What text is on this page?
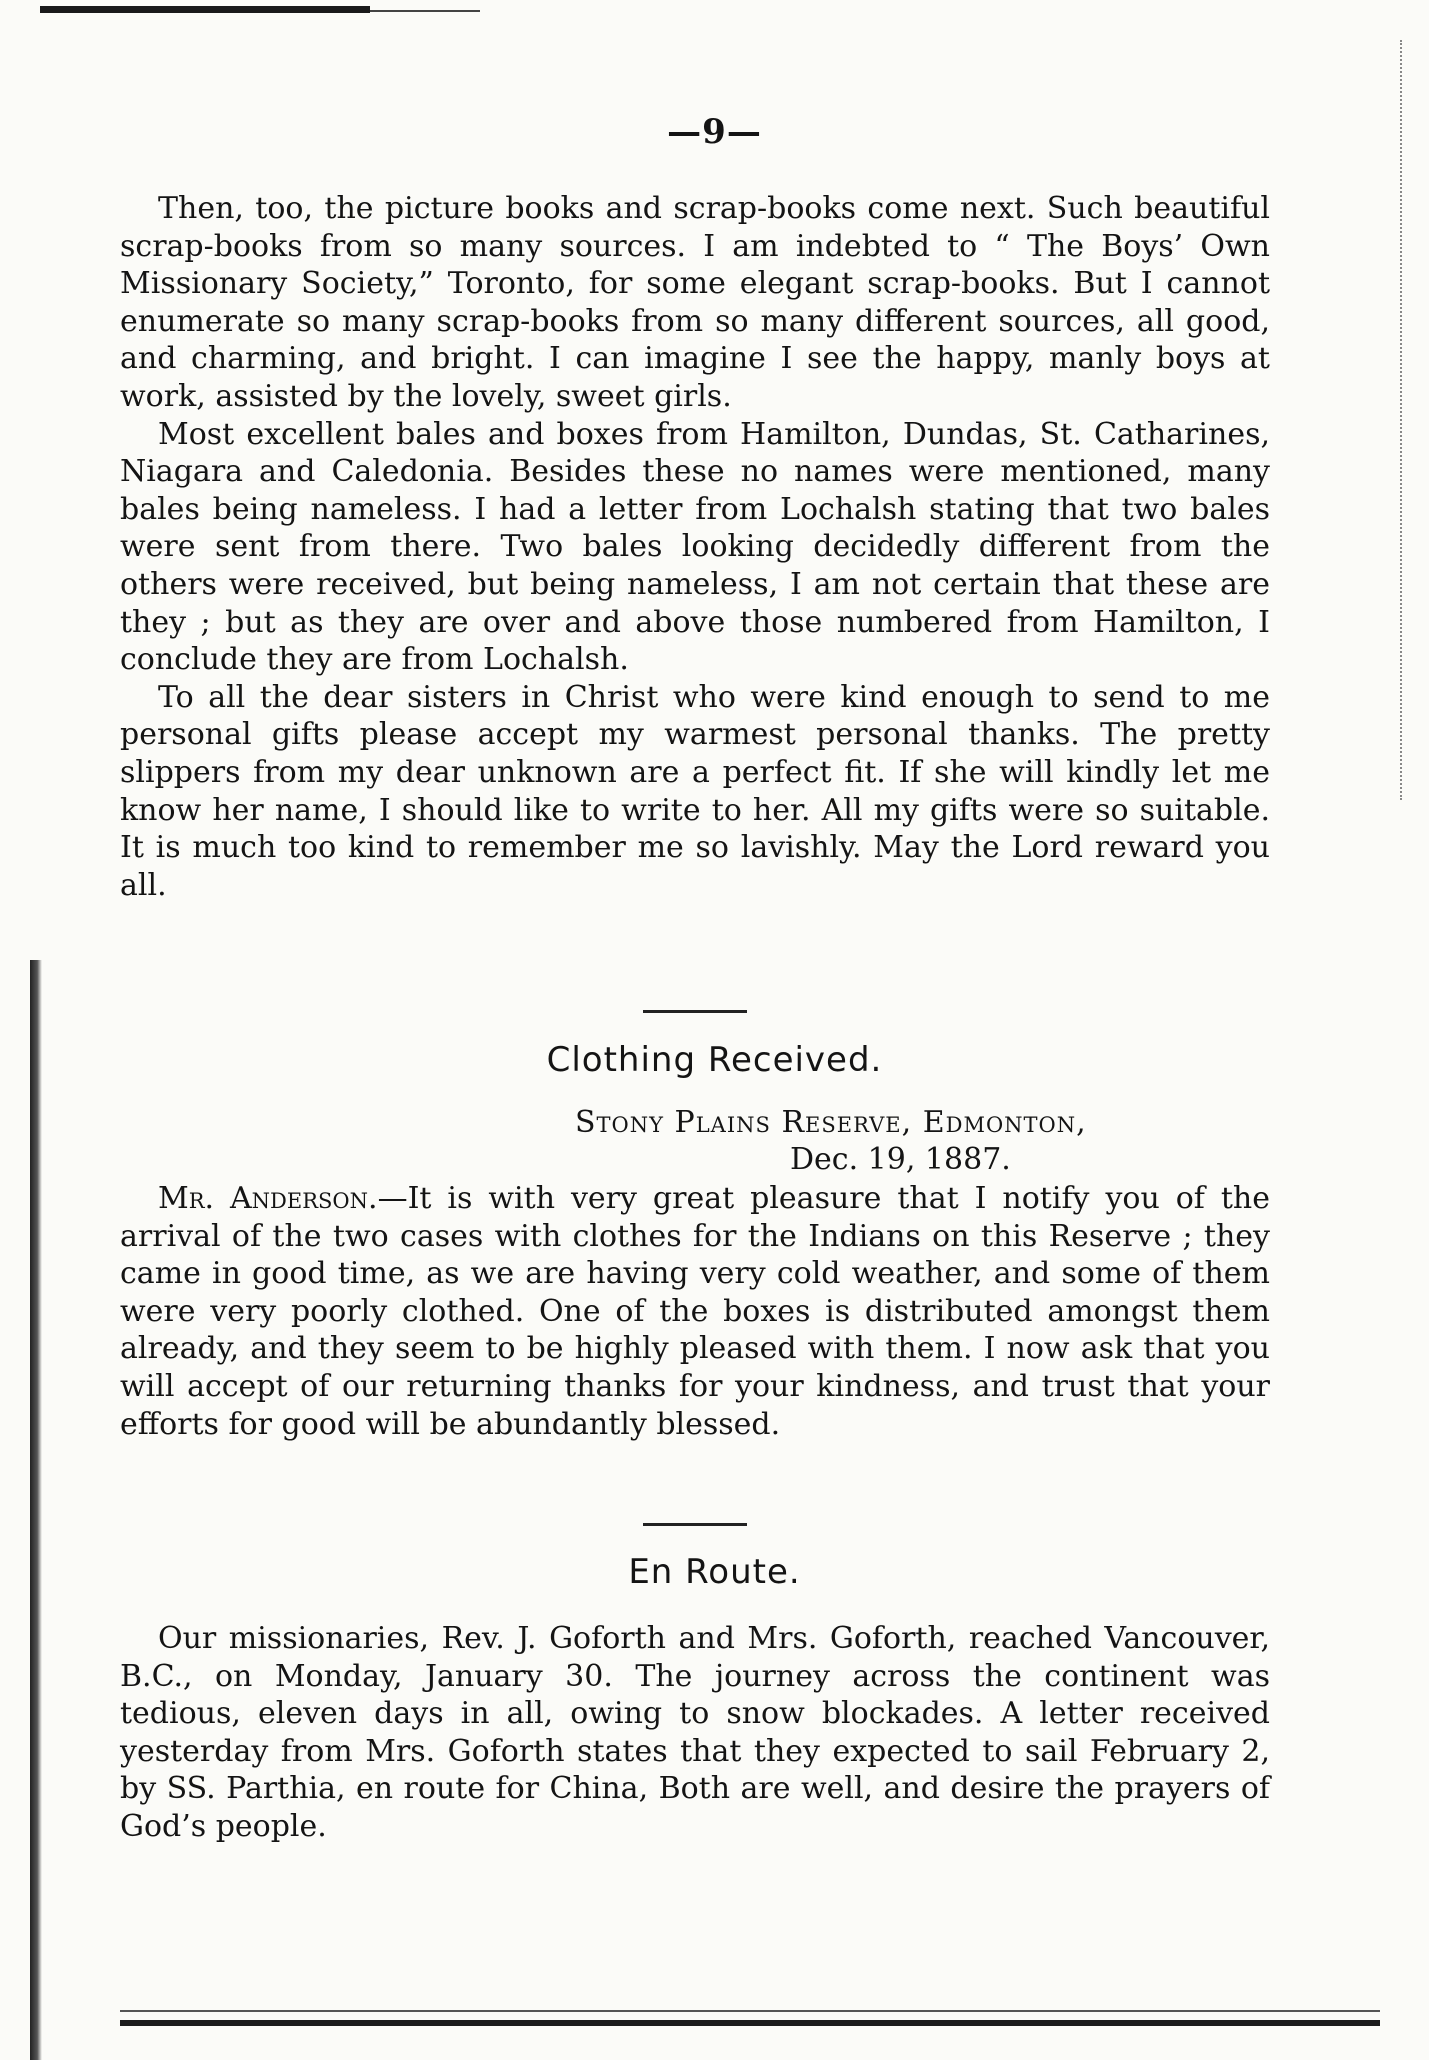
—9—

Then, too, the picture books and scrap-books come next. Such beautiful scrap-books from so many sources. I am indebted to “ The Boys’ Own Missionary Society,” Toronto, for some elegant scrap-books. But I cannot enumerate so many scrap-books from so many different sources, all good, and charming, and bright. I can imagine I see the happy, manly boys at work, assisted by the lovely, sweet girls.

Most excellent bales and boxes from Hamilton, Dundas, St. Catharines, Niagara and Caledonia. Besides these no names were mentioned, many bales being nameless. I had a letter from Lochalsh stating that two bales were sent from there. Two bales looking decidedly different from the others were received, but being nameless, I am not certain that these are they ; but as they are over and above those numbered from Hamilton, I conclude they are from Lochalsh.

To all the dear sisters in Christ who were kind enough to send to me personal gifts please accept my warmest personal thanks. The pretty slippers from my dear unknown are a perfect fit. If she will kindly let me know her name, I should like to write to her. All my gifts were so suitable. It is much too kind to remember me so lavishly. May the Lord reward you all.

Clothing Received.
Stony Plains Reserve, Edmonton,
Dec. 19, 1887.

Mr. Anderson.—It is with very great pleasure that I notify you of the arrival of the two cases with clothes for the Indians on this Reserve ; they came in good time, as we are having very cold weather, and some of them were very poorly clothed. One of the boxes is distributed amongst them already, and they seem to be highly pleased with them. I now ask that you will accept of our returning thanks for your kindness, and trust that your efforts for good will be abundantly blessed.

En Route.

Our missionaries, Rev. J. Goforth and Mrs. Goforth, reached Vancouver, B.C., on Monday, January 30. The journey across the continent was tedious, eleven days in all, owing to snow blockades. A letter received yesterday from Mrs. Goforth states that they expected to sail February 2, by SS. Parthia, en route for China, Both are well, and desire the prayers of God’s people.
